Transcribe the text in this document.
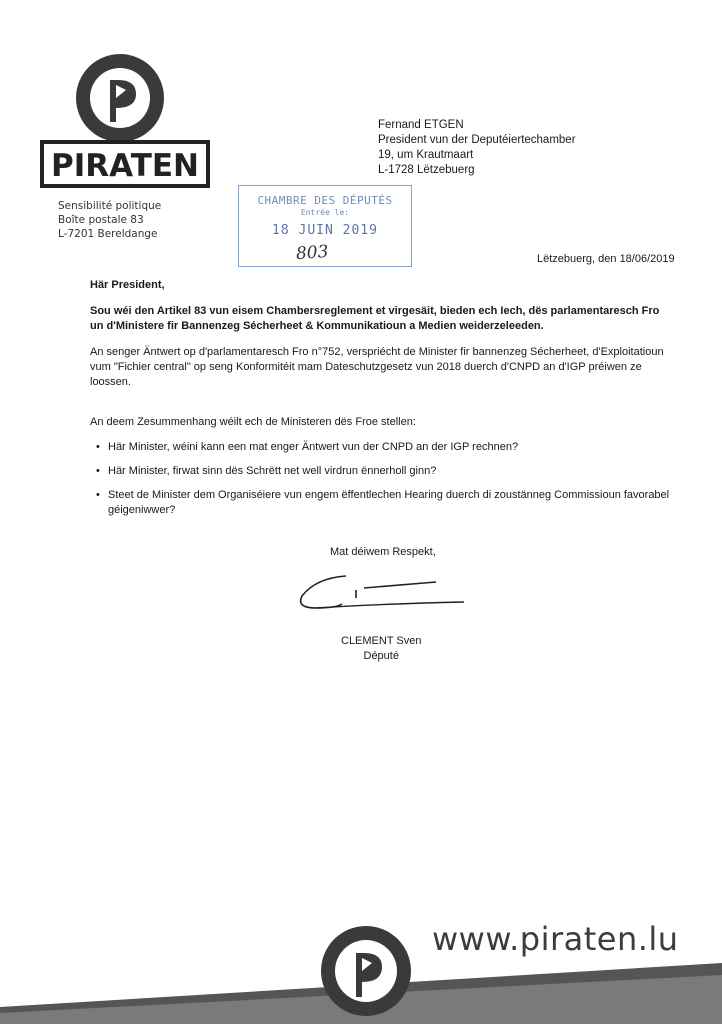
PIRATEN
Sensibilité politique
Boîte postale 83
L-7201 Bereldange
Fernand ETGEN
President vun der Deputéiertechamber
19, um Krautmaart
L-1728 Lëtzebuerg
CHAMBRE DES DÉPUTÉS
Entrée le:
18 JUIN 2019
803	Lëtzebuerg, den 18/06/2019
Här President,
Sou wéi den Artikel 83 vun eisem Chambersreglement et virgesäit, bieden ech Iech, dës parlamentaresch Fro un d'Ministere fir Bannenzeg Sécherheet & Kommunikatioun a Medien weiderzeleeden.
An senger Äntwert op d'parlamentaresch Fro n°752, verspriécht de Minister fir bannenzeg Sécherheet, d'Exploitatioun vum "Fichier central" op seng Konformitéit mam Dateschutzgesetz vun 2018 duerch d'CNPD an d'IGP préiwen ze loossen.
An deem Zesummenhang wéilt ech de Ministeren dës Froe stellen:
• Här Minister, wéini kann een mat enger Äntwert vun der CNPD an der IGP rechnen?
• Här Minister, firwat sinn dës Schrëtt net well virdrun ënnerholl ginn?
• Steet de Minister dem Organiséiere vun engem ëffentlechen Hearing duerch di zoustänneg Commissioun favorabel géigeniwwer?
Mat déiwem Respekt,
CLEMENT Sven
Député
www.piraten.lu
